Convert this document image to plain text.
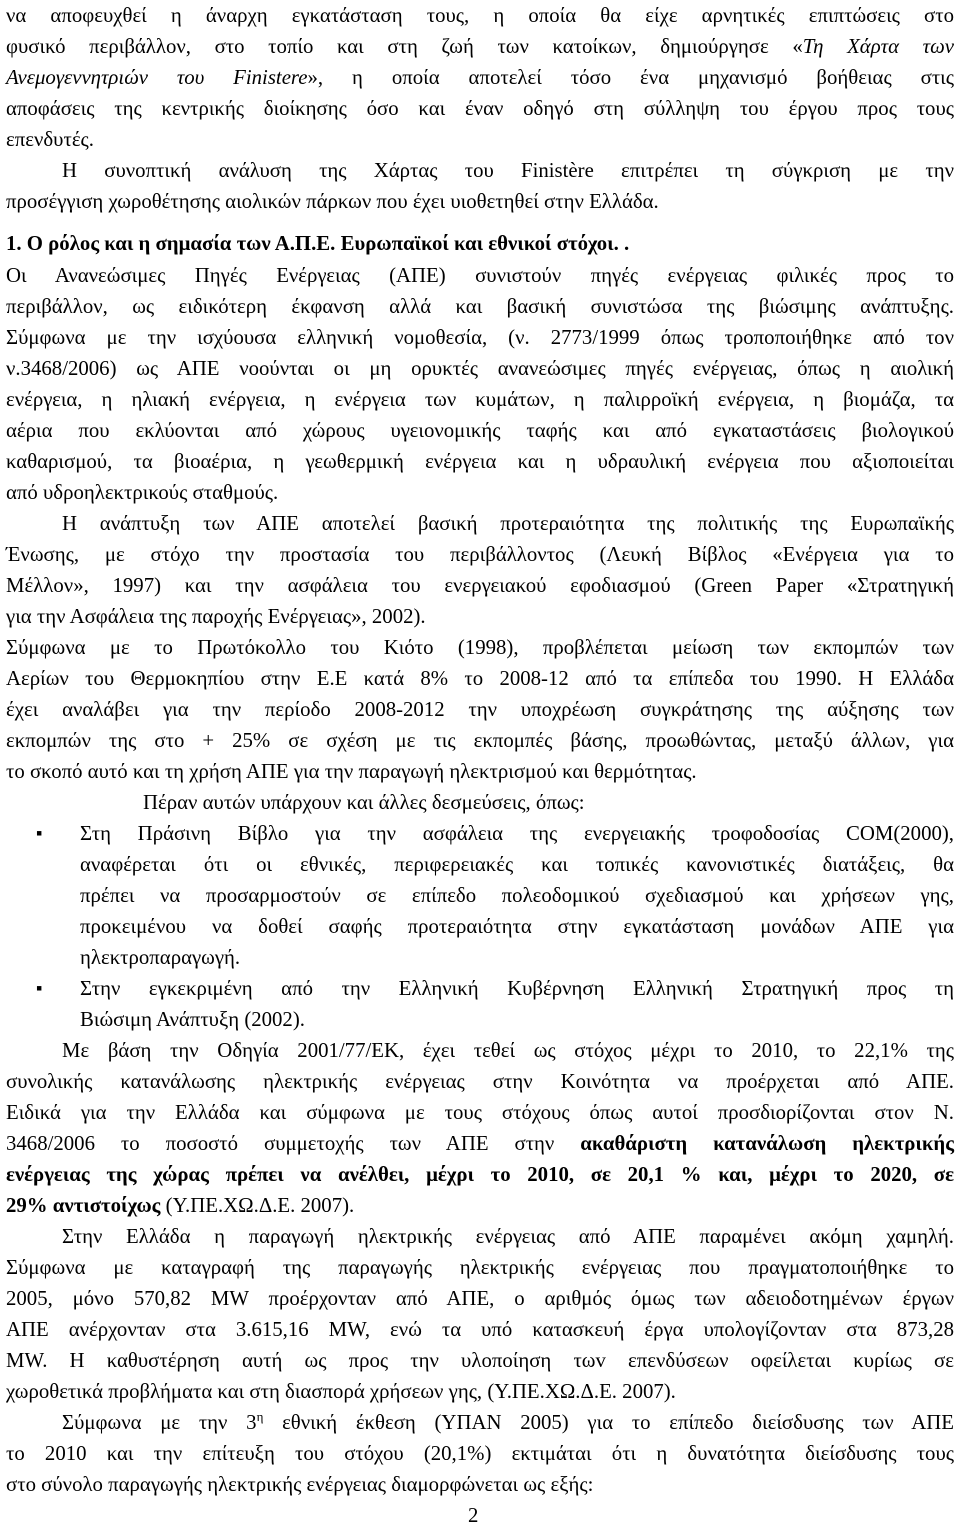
να αποφευχθεί η άναρχη εγκατάσταση τους, η οποία θα είχε αρνητικές επιπτώσεις στο
φυσικό περιβάλλον, στο τοπίο και στη ζωή των κατοίκων, δημιούργησε «Τη Χάρτα των
Ανεμογεννητριών του Finistere», η οποία αποτελεί τόσο ένα μηχανισμό βοήθειας στις
αποφάσεις της κεντρικής διοίκησης όσο και έναν οδηγό στη σύλληψη του έργου προς τους
επενδυτές.
Η συνοπτική ανάλυση της Χάρτας του Finistère επιτρέπει τη σύγκριση με την
προσέγγιση χωροθέτησης αιολικών πάρκων που έχει υιοθετηθεί στην Ελλάδα.
1. Ο ρόλος και η σημασία των Α.Π.Ε. Ευρωπαϊκοί και εθνικοί στόχοι. .
Οι Ανανεώσιμες Πηγές Ενέργειας (ΑΠΕ) συνιστούν πηγές ενέργειας φιλικές προς το
περιβάλλον, ως ειδικότερη έκφανση αλλά και βασική συνιστώσα της βιώσιμης ανάπτυξης.
Σύμφωνα με την ισχύουσα ελληνική νομοθεσία, (ν. 2773/1999 όπως τροποποιήθηκε από τον
ν.3468/2006) ως ΑΠΕ νοούνται οι μη ορυκτές ανανεώσιμες πηγές ενέργειας, όπως η αιολική
ενέργεια, η ηλιακή ενέργεια, η ενέργεια των κυμάτων, η παλιρροϊκή ενέργεια, η βιομάζα, τα
αέρια που εκλύονται από χώρους υγειονομικής ταφής και από εγκαταστάσεις βιολογικού
καθαρισμού, τα βιοαέρια, η γεωθερμική ενέργεια και η υδραυλική ενέργεια που αξιοποιείται
από υδροηλεκτρικούς σταθμούς.
Η ανάπτυξη των ΑΠΕ αποτελεί βασική προτεραιότητα της πολιτικής της Ευρωπαϊκής
Ένωσης, με στόχο την προστασία του περιβάλλοντος (Λευκή Βίβλος «Ενέργεια για το
Μέλλον», 1997) και την ασφάλεια του ενεργειακού εφοδιασμού (Green Paper «Στρατηγική
για την Ασφάλεια της παροχής Ενέργειας», 2002).
Σύμφωνα με το Πρωτόκολλο του Κιότο (1998), προβλέπεται μείωση των εκπομπών των
Αερίων του Θερμοκηπίου στην Ε.Ε κατά 8% το 2008-12 από τα επίπεδα του 1990. Η Ελλάδα
έχει αναλάβει για την περίοδο 2008-2012 την υποχρέωση συγκράτησης της αύξησης των
εκπομπών της στο + 25% σε σχέση με τις εκπομπές βάσης, προωθώντας, μεταξύ άλλων, για
το σκοπό αυτό και τη χρήση ΑΠΕ για την παραγωγή ηλεκτρισμού και θερμότητας.
Πέραν αυτών υπάρχουν και άλλες δεσμεύσεις, όπως:
▪ Στη Πράσινη Βίβλο για την ασφάλεια της ενεργειακής τροφοδοσίας COM(2000),
αναφέρεται ότι οι εθνικές, περιφερειακές και τοπικές κανονιστικές διατάξεις, θα
πρέπει να προσαρμοστούν σε επίπεδο πολεοδομικού σχεδιασμού και χρήσεων γης,
προκειμένου να δοθεί σαφής προτεραιότητα στην εγκατάσταση μονάδων ΑΠΕ για
ηλεκτροπαραγωγή.
▪ Στην εγκεκριμένη από την Ελληνική Κυβέρνηση Ελληνική Στρατηγική προς τη
Βιώσιμη Ανάπτυξη (2002).
Με βάση την Οδηγία 2001/77/ΕΚ, έχει τεθεί ως στόχος μέχρι το 2010, το 22,1% της
συνολικής κατανάλωσης ηλεκτρικής ενέργειας στην Κοινότητα να προέρχεται από ΑΠΕ.
Ειδικά για την Ελλάδα και σύμφωνα με τους στόχους όπως αυτοί προσδιορίζονται στον Ν.
3468/2006 το ποσοστό συμμετοχής των ΑΠΕ στην ακαθάριστη κατανάλωση ηλεκτρικής
ενέργειας της χώρας πρέπει να ανέλθει, μέχρι το 2010, σε 20,1 % και, μέχρι το 2020, σε
29% αντιστοίχως (Υ.ΠΕ.ΧΩ.Δ.Ε. 2007).
Στην Ελλάδα η παραγωγή ηλεκτρικής ενέργειας από ΑΠΕ παραμένει ακόμη χαμηλή.
Σύμφωνα με καταγραφή της παραγωγής ηλεκτρικής ενέργειας που πραγματοποιήθηκε το
2005, μόνο 570,82 MW προέρχονταν από ΑΠΕ, ο αριθμός όμως των αδειοδοτημένων έργων
ΑΠΕ ανέρχονταν στα 3.615,16 MW, ενώ τα υπό κατασκευή έργα υπολογίζονταν στα 873,28
MW. Η καθυστέρηση αυτή ως προς την υλοποίηση τωv επενδύσεων οφείλεται κυρίως σε
χωροθετικά προβλήματα και στη διασπορά χρήσεων γης, (Υ.ΠΕ.ΧΩ.Δ.Ε. 2007).
Σύμφωνα με την $3^\eta$ εθνική έκθεση (ΥΠΑΝ 2005) για το επίπεδο διείσδυσης των ΑΠΕ
το 2010 και την επίτευξη του στόχου (20,1%) εκτιμάται ότι η δυνατότητα διείσδυσης τους
στο σύνολο παραγωγής ηλεκτρικής ενέργειας διαμορφώνεται ως εξής:
2
